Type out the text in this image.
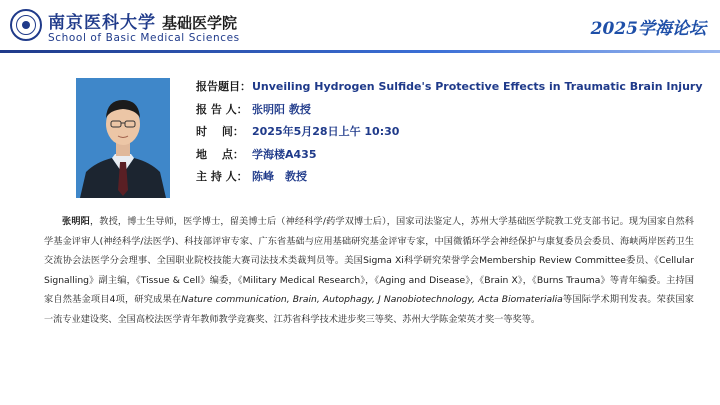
南京医科大学 基础医学院
School of Basic Medical Sciences	2025学海论坛
报告题目： Unveiling Hydrogen Sulfide's Protective Effects in Traumatic Brain Injury
报 告 人： 张明阳 教授
时　 间： 2025年5月28日上午 10:30
地　 点： 学海楼A435
主 持 人： 陈峰　教授
张明阳，教授，博士生导师，医学博士，留美博士后（神经科学/药学双博士后），国家司法鉴定人，苏州大学基础医学院教工党支部书记。现为国家自然科学基金评审人(神经科学/法医学)、科技部评审专家、广东省基础与应用基础研究基金评审专家，中国微循环学会神经保护与康复委员会委员、海峡两岸医药卫生交流协会法医学分会理事、全国职业院校技能大赛司法技术类裁判员等。美国Sigma Xi科学研究荣誉学会Membership Review Committee委员、《Cellular Signalling》副主编，《Tissue & Cell》编委，《Military Medical Research》，《Aging and Disease》，《Brain X》，《Burns Trauma》等青年编委。主持国家自然基金项目4项，研究成果在Nature communication, Brain, Autophagy, J Nanobiotechnology, Acta Biomaterialia等国际学术期刊发表。荣获国家一流专业建设奖、全国高校法医学青年教师教学竞赛奖、江苏省科学技术进步奖三等奖、苏州大学陈金荣英才奖一等奖等。
